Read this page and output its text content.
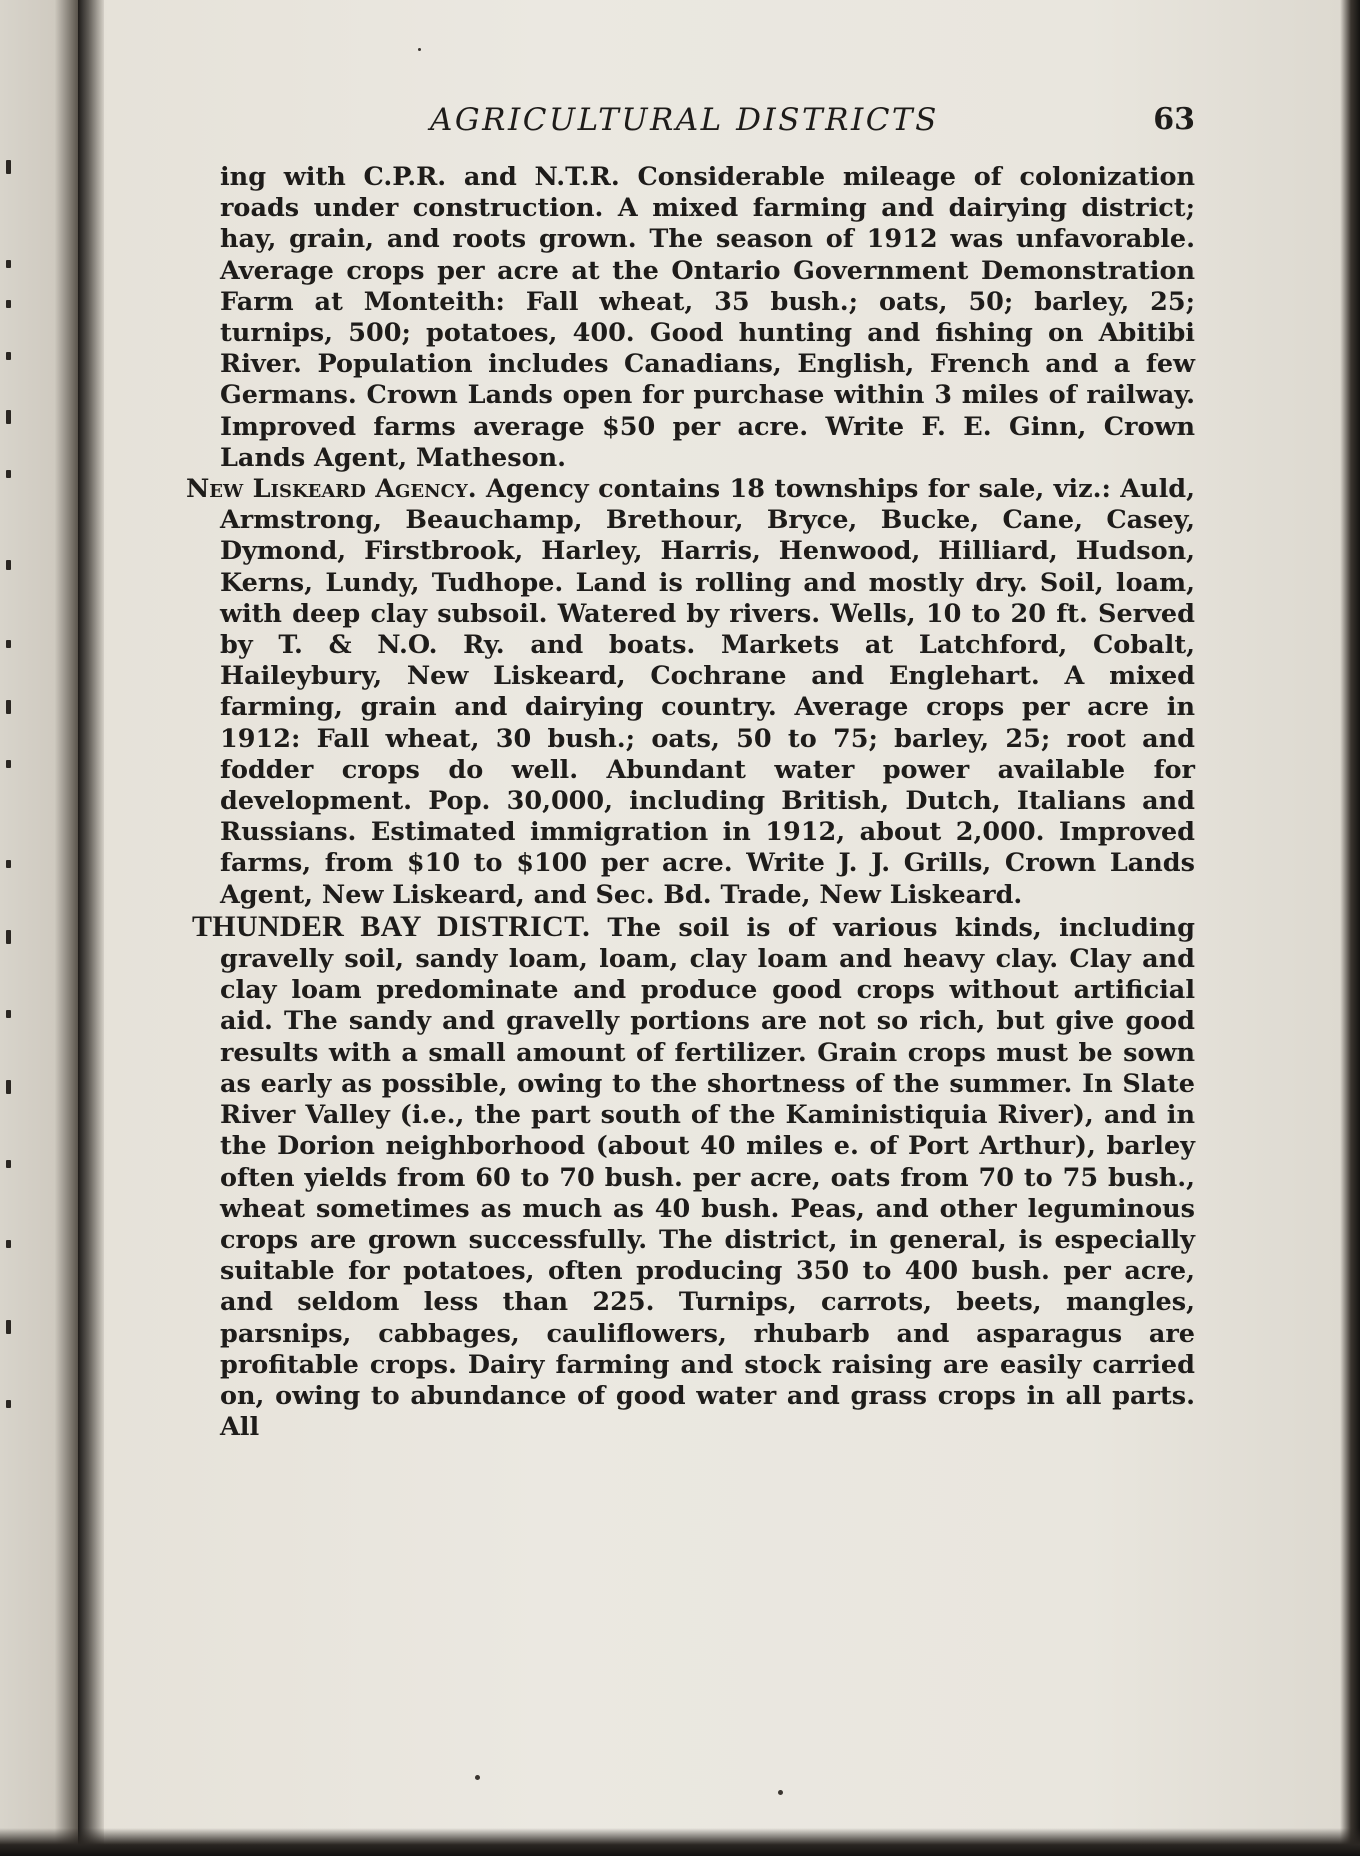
AGRICULTURAL DISTRICTS	63

ing with C.P.R. and N.T.R. Considerable mileage of colonization roads under construction. A mixed farming and dairying district; hay, grain, and roots grown. The season of 1912 was unfavorable. Average crops per acre at the Ontario Government Demonstration Farm at Monteith: Fall wheat, 35 bush.; oats, 50; barley, 25; turnips, 500; potatoes, 400. Good hunting and fishing on Abitibi River. Population includes Canadians, English, French and a few Germans. Crown Lands open for purchase within 3 miles of railway. Improved farms average $50 per acre. Write F. E. Ginn, Crown Lands Agent, Matheson.

New Liskeard Agency. Agency contains 18 townships for sale, viz.: Auld, Armstrong, Beauchamp, Brethour, Bryce, Bucke, Cane, Casey, Dymond, Firstbrook, Harley, Harris, Henwood, Hilliard, Hudson, Kerns, Lundy, Tudhope. Land is rolling and mostly dry. Soil, loam, with deep clay subsoil. Watered by rivers. Wells, 10 to 20 ft. Served by T. & N.O. Ry. and boats. Markets at Latchford, Cobalt, Haileybury, New Liskeard, Cochrane and Englehart. A mixed farming, grain and dairying country. Average crops per acre in 1912: Fall wheat, 30 bush.; oats, 50 to 75; barley, 25; root and fodder crops do well. Abundant water power available for development. Pop. 30,000, including British, Dutch, Italians and Russians. Estimated immigration in 1912, about 2,000. Improved farms, from $10 to $100 per acre. Write J. J. Grills, Crown Lands Agent, New Liskeard, and Sec. Bd. Trade, New Liskeard.

THUNDER BAY DISTRICT. The soil is of various kinds, including gravelly soil, sandy loam, loam, clay loam and heavy clay. Clay and clay loam predominate and produce good crops without artificial aid. The sandy and gravelly portions are not so rich, but give good results with a small amount of fertilizer. Grain crops must be sown as early as possible, owing to the shortness of the summer. In Slate River Valley (i.e., the part south of the Kaministiquia River), and in the Dorion neighborhood (about 40 miles e. of Port Arthur), barley often yields from 60 to 70 bush. per acre, oats from 70 to 75 bush., wheat sometimes as much as 40 bush. Peas, and other leguminous crops are grown successfully. The district, in general, is especially suitable for potatoes, often producing 350 to 400 bush. per acre, and seldom less than 225. Turnips, carrots, beets, mangles, parsnips, cabbages, cauliflowers, rhubarb and asparagus are profitable crops. Dairy farming and stock raising are easily carried on, owing to abundance of good water and grass crops in all parts. All
